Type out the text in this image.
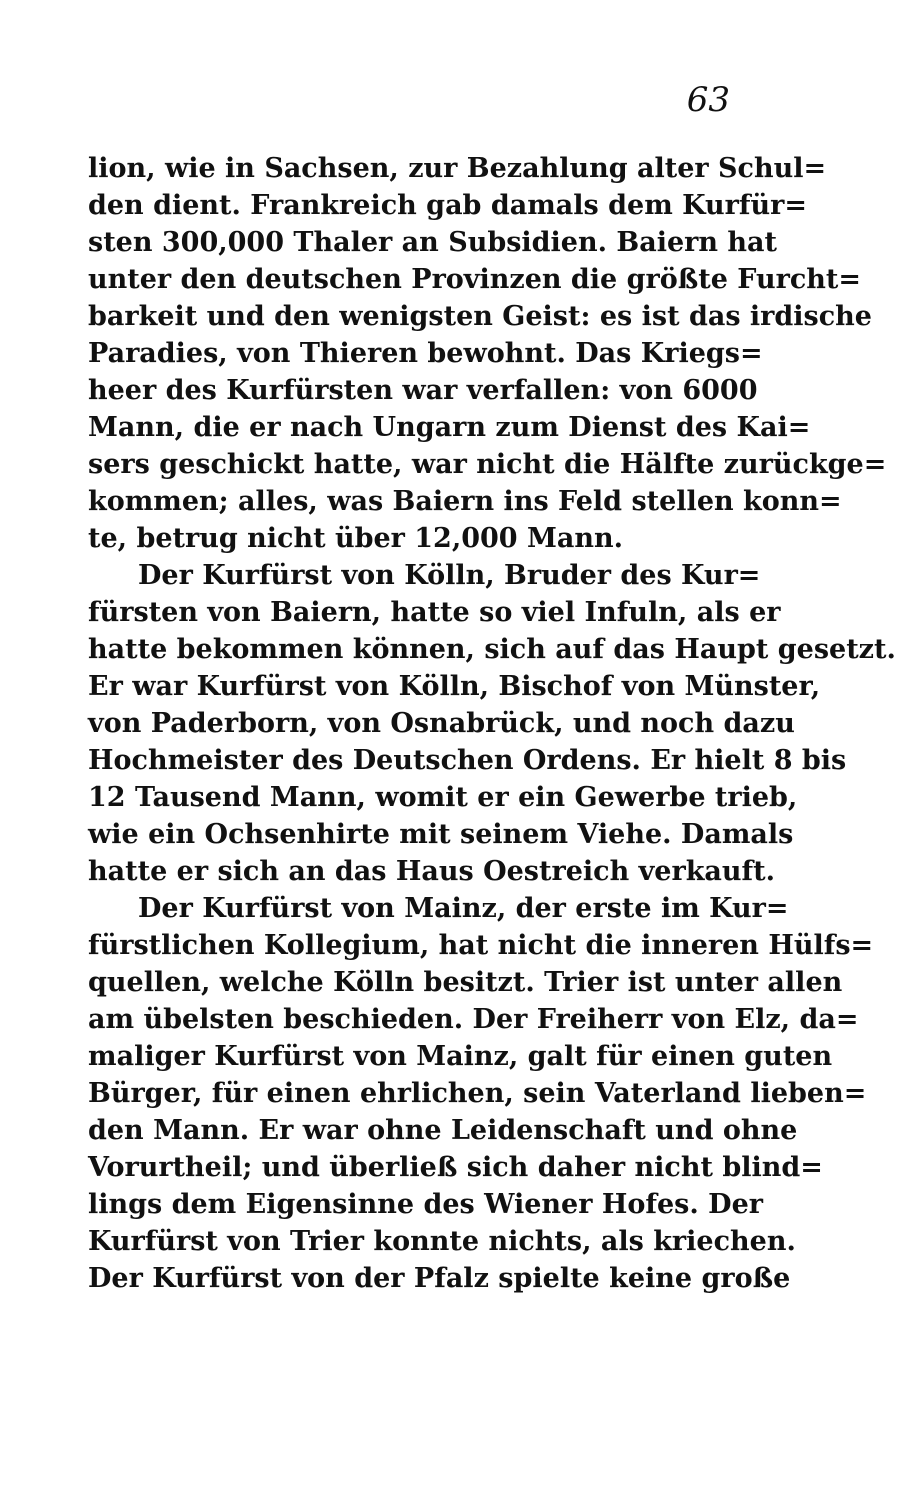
63
lion, wie in Sachsen, zur Bezahlung alter Schul=
den dient. Frankreich gab damals dem Kurfür=
sten 300,000 Thaler an Subsidien. Baiern hat
unter den deutschen Provinzen die größte Furcht=
barkeit und den wenigsten Geist: es ist das irdische
Paradies, von Thieren bewohnt. Das Kriegs=
heer des Kurfürsten war verfallen: von 6000
Mann, die er nach Ungarn zum Dienst des Kai=
sers geschickt hatte, war nicht die Hälfte zurückge=
kommen; alles, was Baiern ins Feld stellen konn=
te, betrug nicht über 12,000 Mann.
Der Kurfürst von Kölln, Bruder des Kur=
fürsten von Baiern, hatte so viel Infuln, als er
hatte bekommen können, sich auf das Haupt gesetzt.
Er war Kurfürst von Kölln, Bischof von Münster,
von Paderborn, von Osnabrück, und noch dazu
Hochmeister des Deutschen Ordens. Er hielt 8 bis
12 Tausend Mann, womit er ein Gewerbe trieb,
wie ein Ochsenhirte mit seinem Viehe. Damals
hatte er sich an das Haus Oestreich verkauft.
Der Kurfürst von Mainz, der erste im Kur=
fürstlichen Kollegium, hat nicht die inneren Hülfs=
quellen, welche Kölln besitzt. Trier ist unter allen
am übelsten beschieden. Der Freiherr von Elz, da=
maliger Kurfürst von Mainz, galt für einen guten
Bürger, für einen ehrlichen, sein Vaterland lieben=
den Mann. Er war ohne Leidenschaft und ohne
Vorurtheil; und überließ sich daher nicht blind=
lings dem Eigensinne des Wiener Hofes. Der
Kurfürst von Trier konnte nichts, als kriechen.
Der Kurfürst von der Pfalz spielte keine große
